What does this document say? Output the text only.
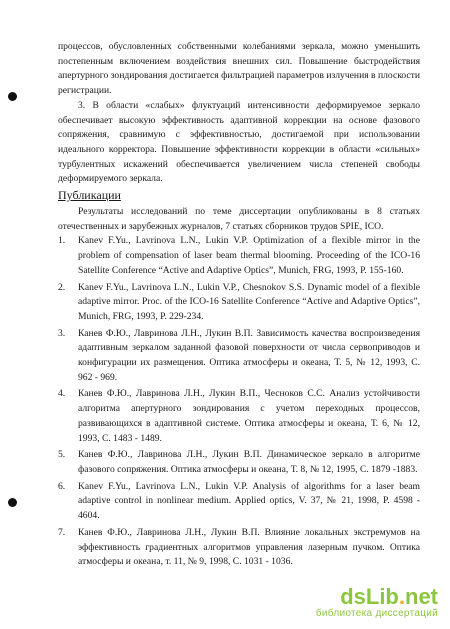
процессов, обусловленных собственными колебаниями зеркала, можно уменьшить постепенным включением воздействия внешних сил. Повышение быстродействия апертурного зондирования достигается фильтрацией параметров излучения в плоскости регистрации.

3. В области «слабых» флуктуаций интенсивности деформируемое зеркало обеспечивает высокую эффективность адаптивной коррекции на основе фазового сопряжения, сравнимую с эффективностью, достигаемой при использовании идеального корректора. Повышение эффективности коррекции в области «сильных» турбулентных искажений обеспечивается увеличением числа степеней свободы деформируемого зеркала.

Публикации

Результаты исследований по теме диссертации опубликованы в 8 статьях отечественных и зарубежных журналов, 7 статьях сборников трудов SPIE, ICO.

1. Kanev F.Yu., Lavrinova L.N., Lukin V.P. Optimization of a flexible mirror in the problem of compensation of laser beam thermal blooming. Proceeding of the ICO-16 Satellite Conference “Active and Adaptive Optics”, Munich, FRG, 1993, P. 155-160.
2. Kanev F.Yu., Lavrinova L.N., Lukin V.P., Chesnokov S.S. Dynamic model of a flexible adaptive mirror. Proc. of the ICO-16 Satellite Conference “Active and Adaptive Optics”, Munich, FRG, 1993, P. 229-234.
3. Канев Ф.Ю., Лавринова Л.Н., Лукин В.П. Зависимость качества воспроизведения адаптивным зеркалом заданной фазовой поверхности от числа сервоприводов и конфигурации их размещения. Оптика атмосферы и океана, Т. 5, № 12, 1993, С. 962 - 969.
4. Канев Ф.Ю., Лавринова Л.Н., Лукин В.П., Чесноков С.С. Анализ устойчивости алгоритма апертурного зондирования с учетом переходных процессов, развивающихся в адаптивной системе. Оптика атмосферы и океана, Т. 6, № 12, 1993, С. 1483 - 1489.
5. Канев Ф.Ю., Лавринова Л.Н., Лукин В.П. Динамическое зеркало в алгоритме фазового сопряжения. Оптика атмосферы и океана, Т. 8, № 12, 1995, С. 1879 -1883.
6. Kanev F.Yu., Lavrinova L.N., Lukin V.P. Analysis of algorithms for a laser beam adaptive control in nonlinear medium. Applied optics, V. 37, № 21, 1998, P. 4598 - 4604.
7. Канев Ф.Ю., Лавринова Л.Н., Лукин В.П. Влияние локальных экстремумов на эффективность градиентных алгоритмов управления лазерным пучком. Оптика атмосферы и океана, т. 11, № 9, 1998, С. 1031 - 1036.
dsLib.net
библиотека диссертаций
